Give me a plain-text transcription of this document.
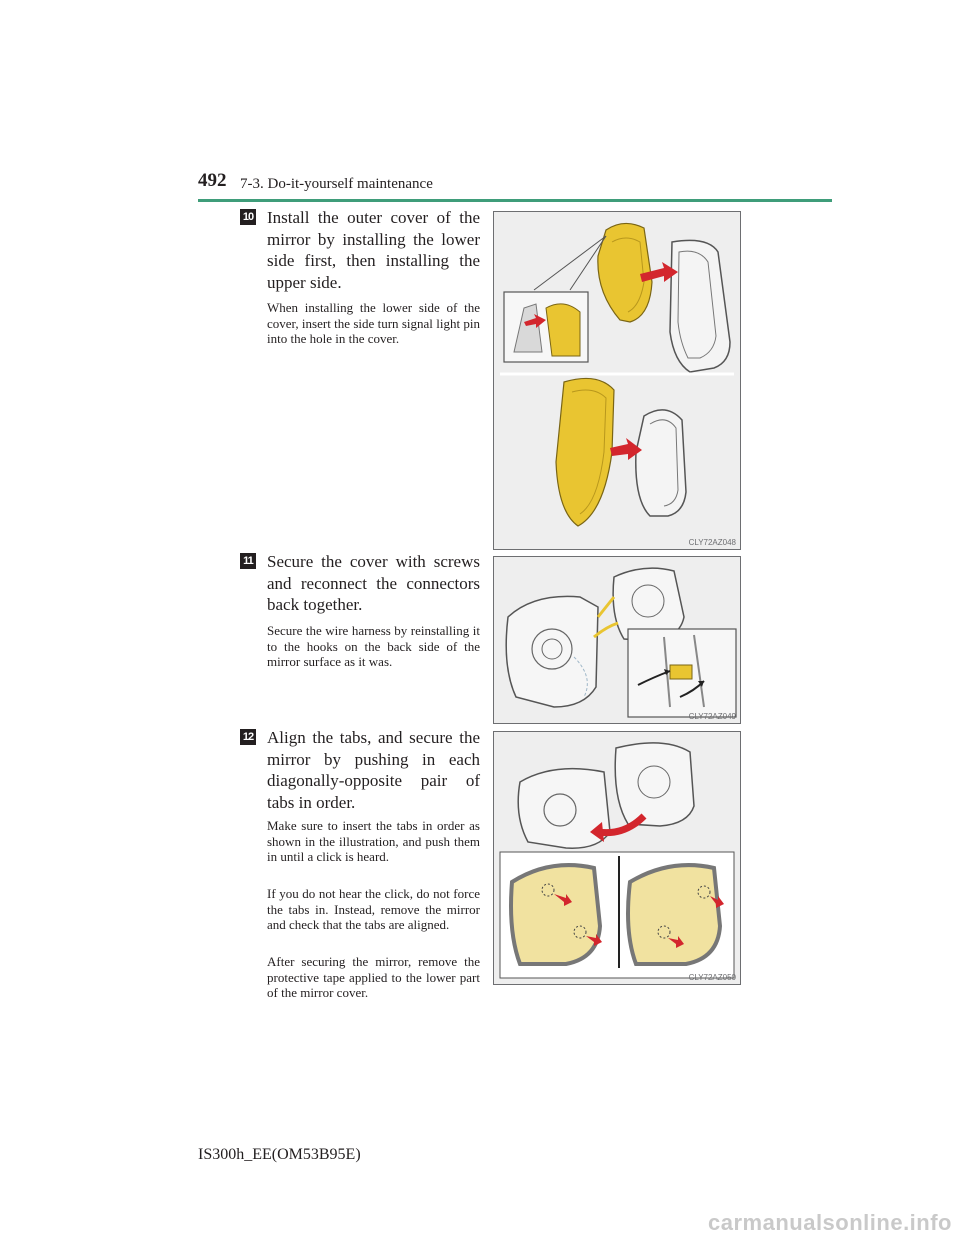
492 7-3. Do-it-yourself maintenance
10 Install the outer cover of the mirror by installing the lower side first, then installing the upper side.

When installing the lower side of the cover, insert the side turn signal light pin into the hole in the cover.

CLY72AZ048
11 Secure the cover with screws and reconnect the connectors back together.

Secure the wire harness by reinstalling it to the hooks on the back side of the mirror surface as it was.

CLY72AZ049
12 Align the tabs, and secure the mirror by pushing in each diagonally-opposite pair of tabs in order.

Make sure to insert the tabs in order as shown in the illustration, and push them in until a click is heard.

If you do not hear the click, do not force the tabs in. Instead, remove the mirror and check that the tabs are aligned.

After securing the mirror, remove the protective tape applied to the lower part of the mirror cover.

CLY72AZ050
IS300h_EE(OM53B95E)
carmanualsonline.info
